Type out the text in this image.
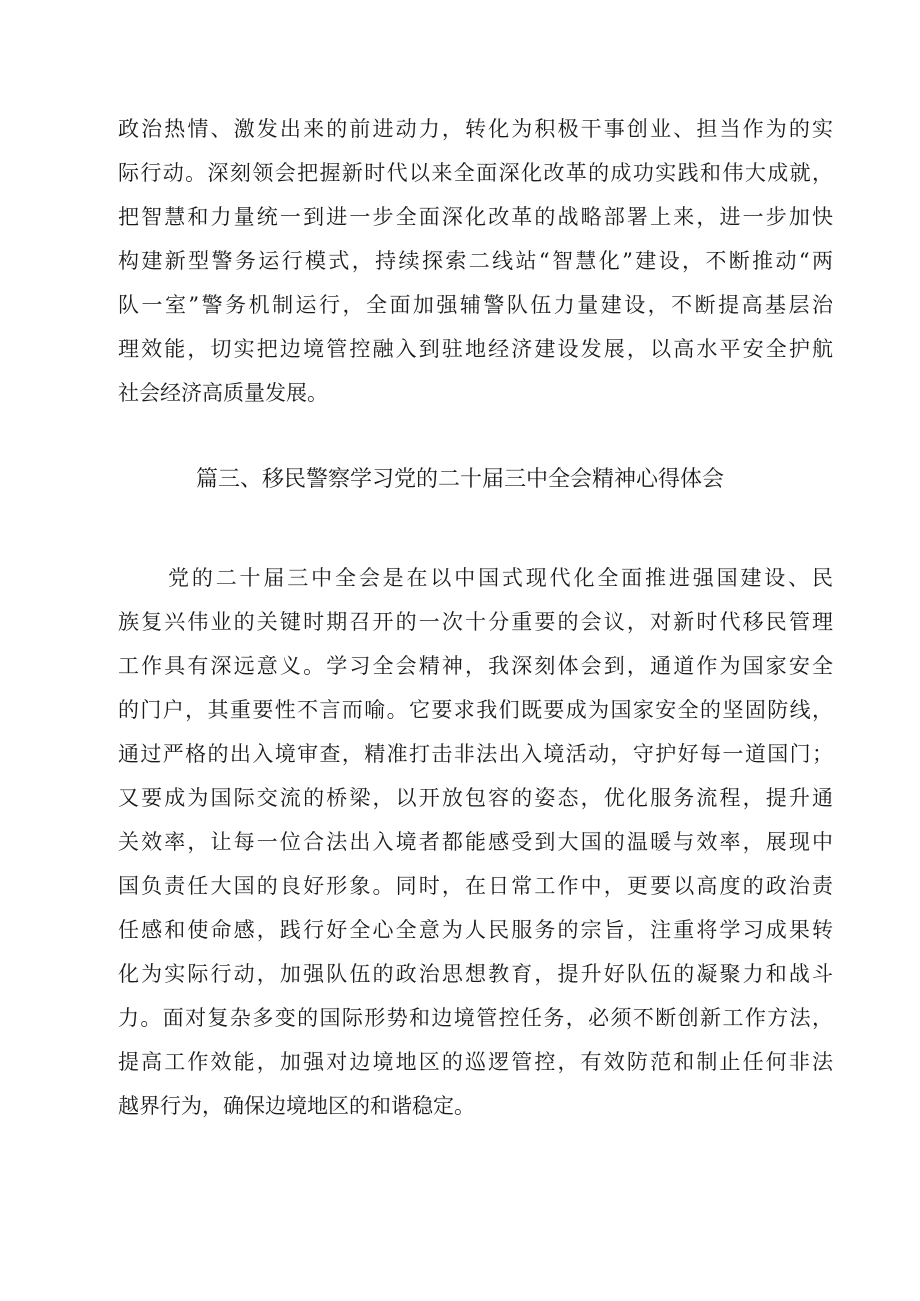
政治热情、激发出来的前进动力，转化为积极干事创业、担当作为的实
际行动。深刻领会把握新时代以来全面深化改革的成功实践和伟大成就，
把智慧和力量统一到进一步全面深化改革的战略部署上来，进一步加快
构建新型警务运行模式，持续探索二线站“智慧化”建设，不断推动“两
队一室”警务机制运行，全面加强辅警队伍力量建设，不断提高基层治
理效能，切实把边境管控融入到驻地经济建设发展，以高水平安全护航
社会经济高质量发展。
篇三、移民警察学习党的二十届三中全会精神心得体会
党的二十届三中全会是在以中国式现代化全面推进强国建设、民
族复兴伟业的关键时期召开的一次十分重要的会议，对新时代移民管理
工作具有深远意义。学习全会精神，我深刻体会到，通道作为国家安全
的门户，其重要性不言而喻。它要求我们既要成为国家安全的坚固防线，
通过严格的出入境审查，精准打击非法出入境活动，守护好每一道国门；
又要成为国际交流的桥梁，以开放包容的姿态，优化服务流程，提升通
关效率，让每一位合法出入境者都能感受到大国的温暖与效率，展现中
国负责任大国的良好形象。同时，在日常工作中，更要以高度的政治责
任感和使命感，践行好全心全意为人民服务的宗旨，注重将学习成果转
化为实际行动，加强队伍的政治思想教育，提升好队伍的凝聚力和战斗
力。面对复杂多变的国际形势和边境管控任务，必须不断创新工作方法，
提高工作效能，加强对边境地区的巡逻管控，有效防范和制止任何非法
越界行为，确保边境地区的和谐稳定。
